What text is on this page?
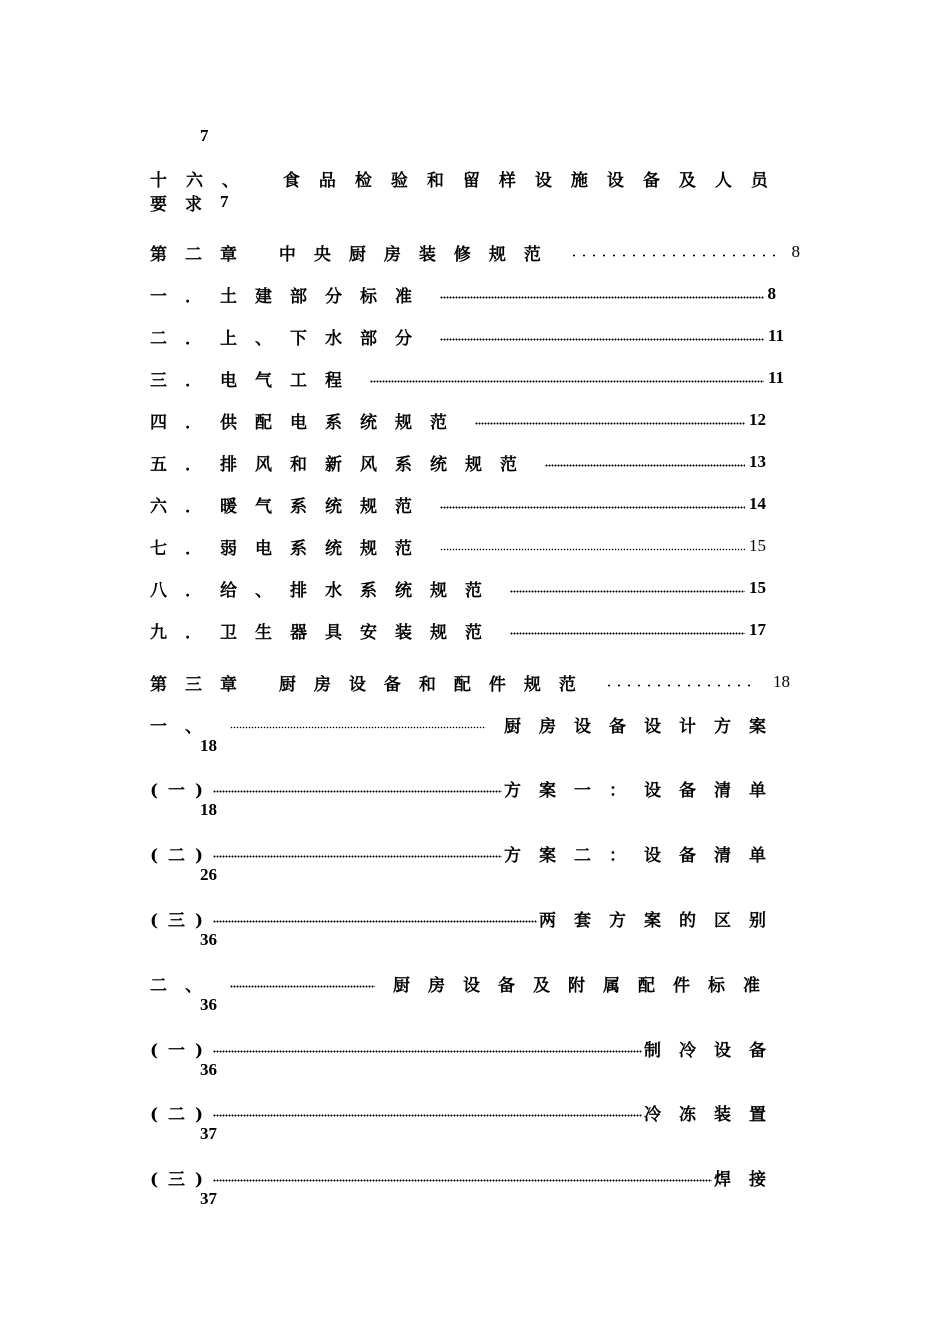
7
十六、 食品检验和留样设施设备及人员
要求 7
第二章 中央厨房装修规范	8
一．土建部分标准	8
二．上、下水部分	11
三．电气工程	11
四．供配电系统规范	12
五．排风和新风系统规范	13
六．暖气系统规范	14
七．弱电系统规范	15
八．给、排水系统规范	15
九．卫生器具安装规范	17
第三章 厨房设备和配件规范	18
一、	厨房设备设计方案
18
(一)	方案一：设备清单
18
(二)	方案二：设备清单
26
(三)	两套方案的区别
36
二、	厨房设备及附属配件标准
36
(一)	制冷设备
36
(二)	冷冻装置
37
(三)	焊接
37
